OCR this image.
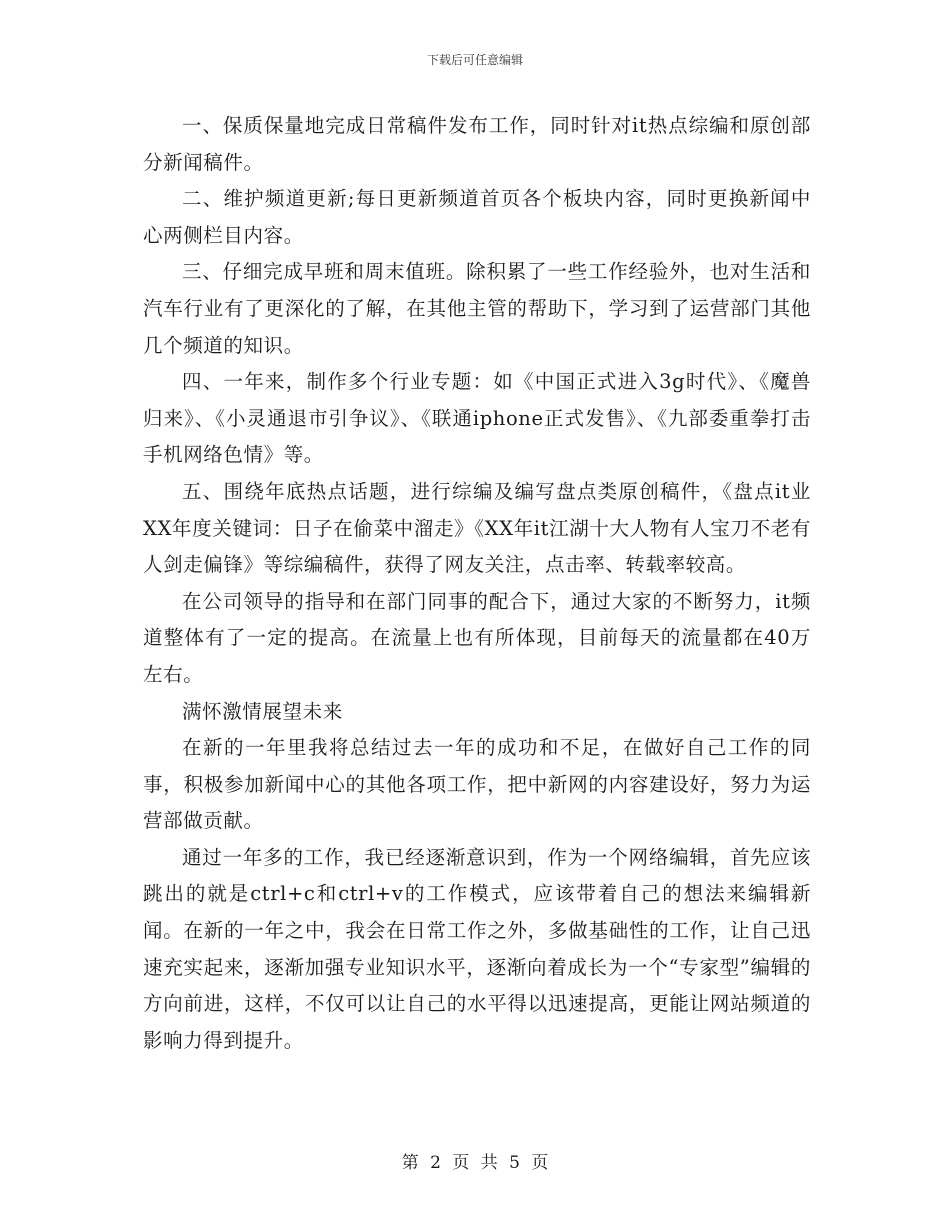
下载后可任意编辑

一、保质保量地完成日常稿件发布工作，同时针对it热点综编和原创部分新闻稿件。

二、维护频道更新;每日更新频道首页各个板块内容，同时更换新闻中心两侧栏目内容。

三、仔细完成早班和周末值班。除积累了一些工作经验外，也对生活和汽车行业有了更深化的了解，在其他主管的帮助下，学习到了运营部门其他几个频道的知识。

四、一年来，制作多个行业专题：如《中国正式进入3g时代》、《魔兽归来》、《小灵通退市引争议》、《联通iphone正式发售》、《九部委重拳打击手机网络色情》等。

五、围绕年底热点话题，进行综编及编写盘点类原创稿件，《盘点it业XX年度关键词：日子在偷菜中溜走》《XX年it江湖十大人物有人宝刀不老有人剑走偏锋》等综编稿件，获得了网友关注，点击率、转载率较高。

在公司领导的指导和在部门同事的配合下，通过大家的不断努力，it频道整体有了一定的提高。在流量上也有所体现，目前每天的流量都在40万左右。

满怀激情展望未来

在新的一年里我将总结过去一年的成功和不足，在做好自己工作的同事，积极参加新闻中心的其他各项工作，把中新网的内容建设好，努力为运营部做贡献。

通过一年多的工作，我已经逐渐意识到，作为一个网络编辑，首先应该跳出的就是ctrl+c和ctrl+v的工作模式，应该带着自己的想法来编辑新闻。在新的一年之中，我会在日常工作之外，多做基础性的工作，让自己迅速充实起来，逐渐加强专业知识水平，逐渐向着成长为一个“专家型”编辑的方向前进，这样，不仅可以让自己的水平得以迅速提高，更能让网站频道的影响力得到提升。

第 2 页 共 5 页
